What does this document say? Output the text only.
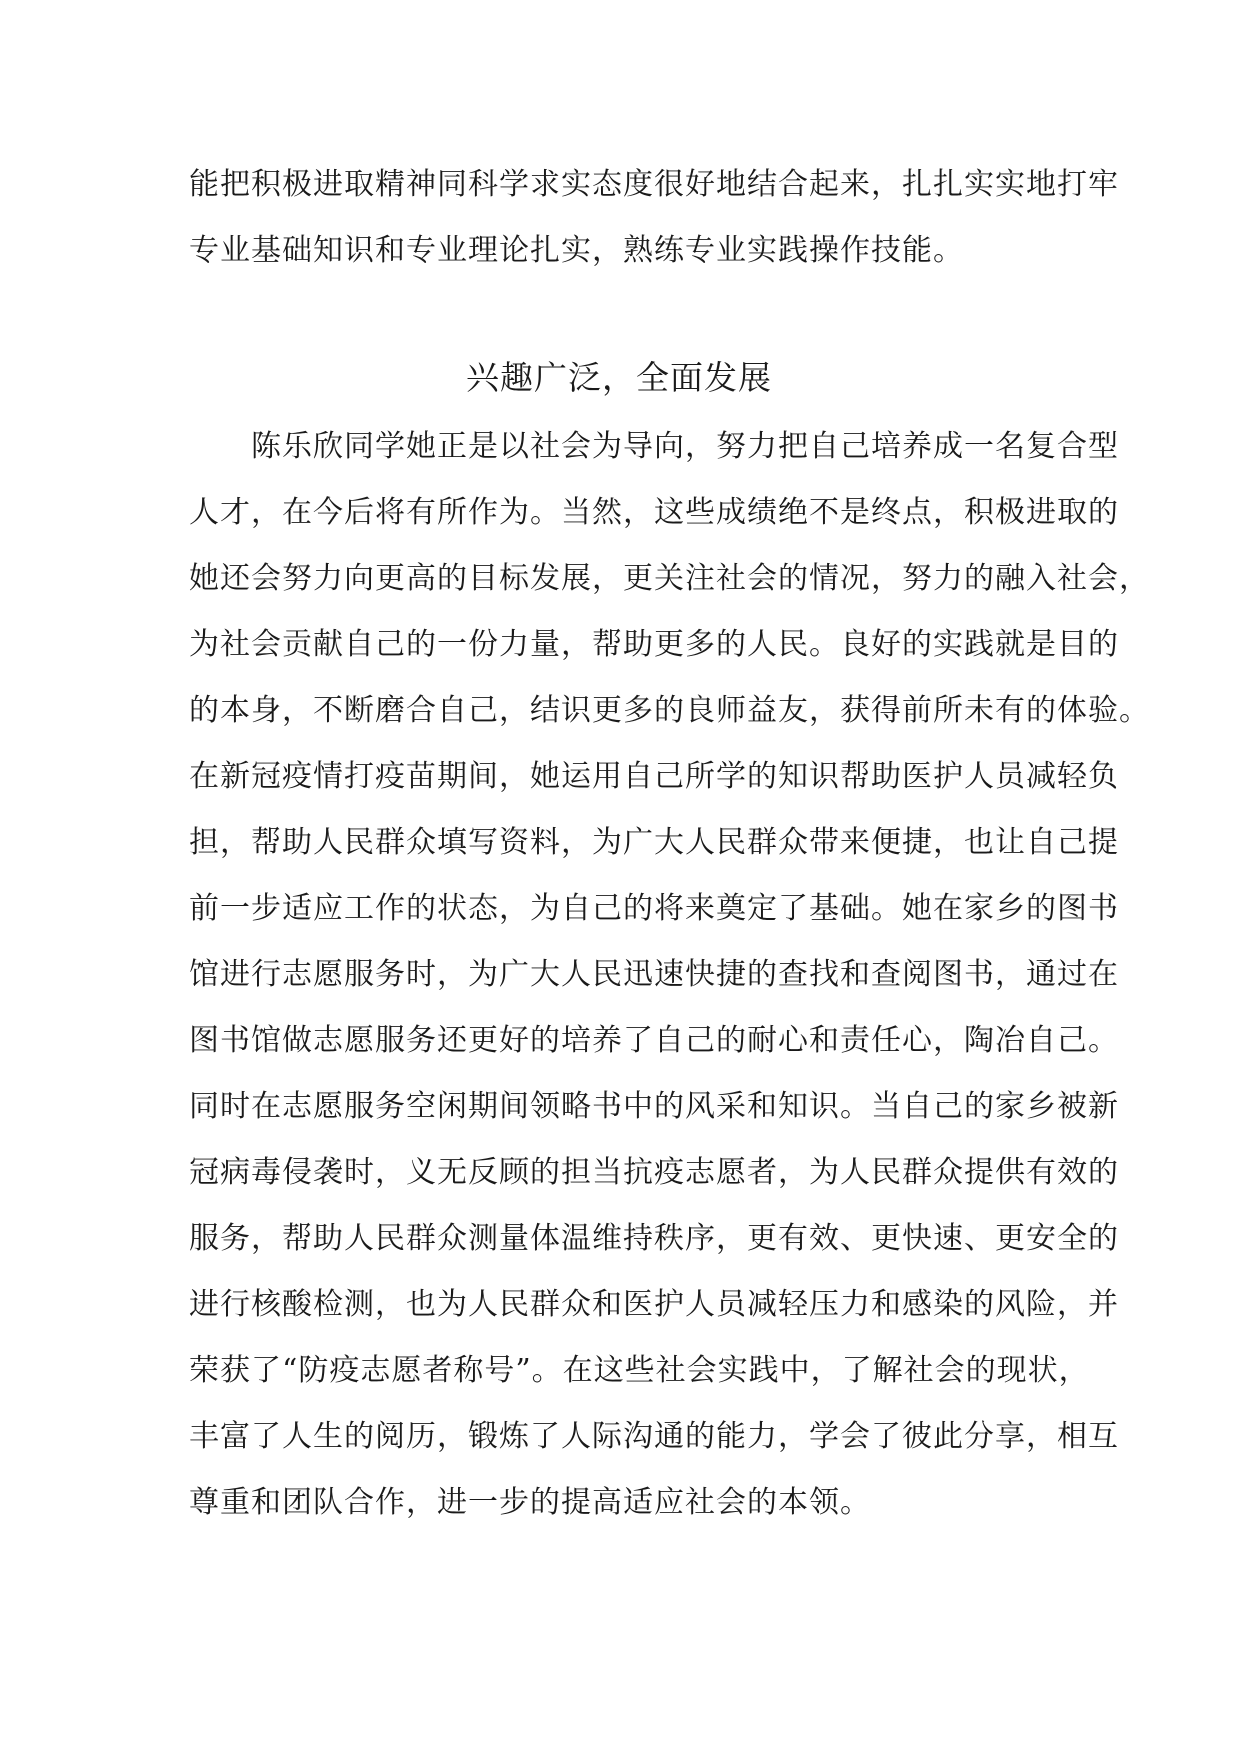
能把积极进取精神同科学求实态度很好地结合起来，扎扎实实地打牢
专业基础知识和专业理论扎实，熟练专业实践操作技能。
兴趣广泛，全面发展
陈乐欣同学她正是以社会为导向，努力把自己培养成一名复合型
人才，在今后将有所作为。当然，这些成绩绝不是终点，积极进取的
她还会努力向更高的目标发展，更关注社会的情况，努力的融入社会，
为社会贡献自己的一份力量，帮助更多的人民。良好的实践就是目的
的本身，不断磨合自己，结识更多的良师益友，获得前所未有的体验。
在新冠疫情打疫苗期间，她运用自己所学的知识帮助医护人员减轻负
担，帮助人民群众填写资料，为广大人民群众带来便捷，也让自己提
前一步适应工作的状态，为自己的将来奠定了基础。她在家乡的图书
馆进行志愿服务时，为广大人民迅速快捷的查找和查阅图书，通过在
图书馆做志愿服务还更好的培养了自己的耐心和责任心，陶冶自己。
同时在志愿服务空闲期间领略书中的风采和知识。当自己的家乡被新
冠病毒侵袭时，义无反顾的担当抗疫志愿者，为人民群众提供有效的
服务，帮助人民群众测量体温维持秩序，更有效、更快速、更安全的
进行核酸检测，也为人民群众和医护人员减轻压力和感染的风险，并
荣获了“防疫志愿者称号”。在这些社会实践中，了解社会的现状，
丰富了人生的阅历，锻炼了人际沟通的能力，学会了彼此分享，相互
尊重和团队合作，进一步的提高适应社会的本领。
